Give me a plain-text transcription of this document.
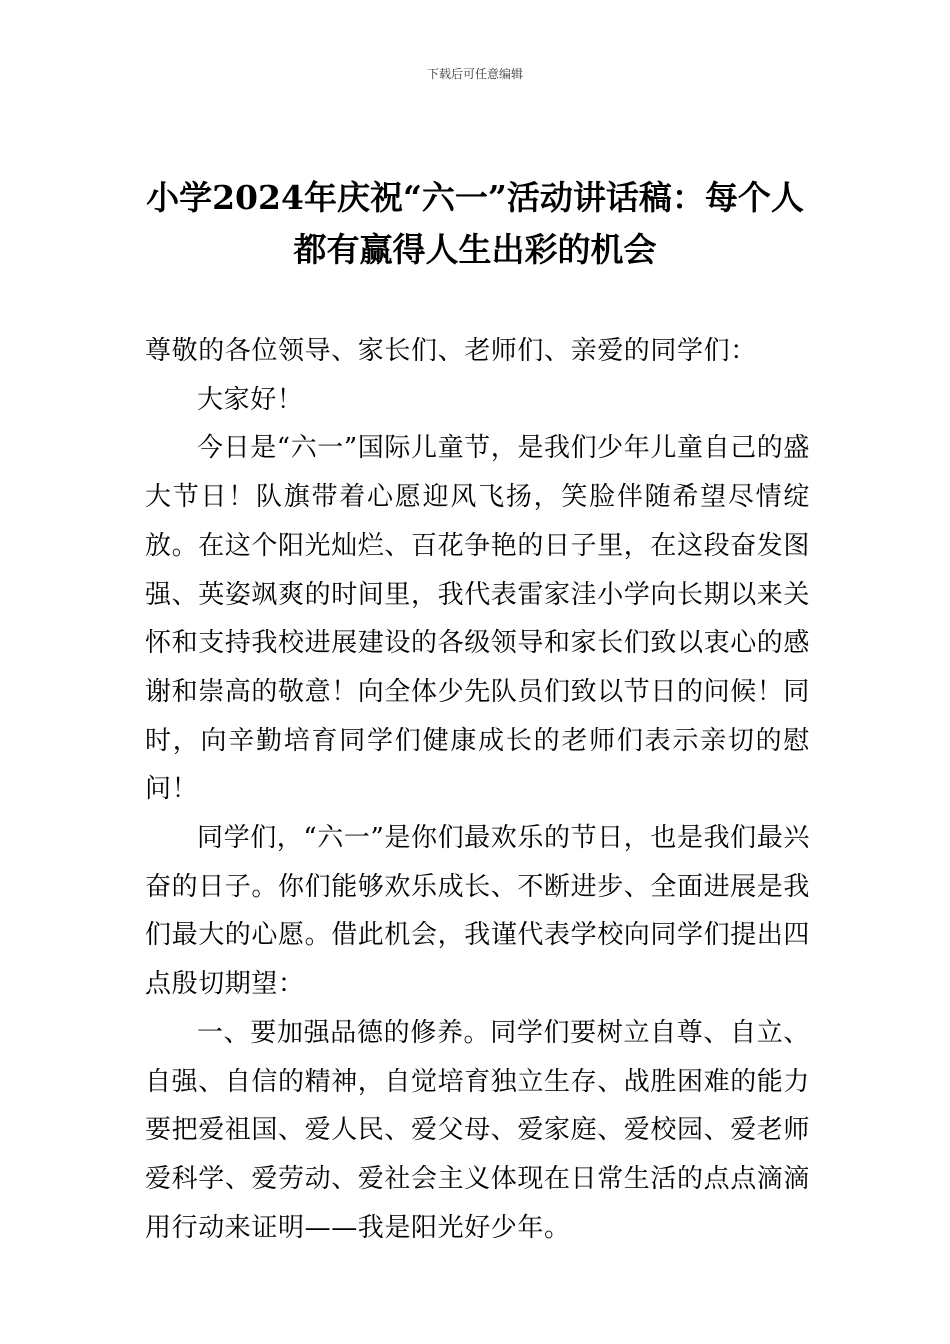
下载后可任意编辑
小学2024年庆祝“六一”活动讲话稿：每个人都有赢得人生出彩的机会

尊敬的各位领导、家长们、老师们、亲爱的同学们：

大家好！

今日是“六一”国际儿童节，是我们少年儿童自己的盛大节日！队旗带着心愿迎风飞扬，笑脸伴随希望尽情绽放。在这个阳光灿烂、百花争艳的日子里，在这段奋发图强、英姿飒爽的时间里，我代表雷家洼小学向长期以来关怀和支持我校进展建设的各级领导和家长们致以衷心的感谢和崇高的敬意！向全体少先队员们致以节日的问候！同时，向辛勤培育同学们健康成长的老师们表示亲切的慰问！

同学们，“六一”是你们最欢乐的节日，也是我们最兴奋的日子。你们能够欢乐成长、不断进步、全面进展是我们最大的心愿。借此机会，我谨代表学校向同学们提出四点殷切期望：

一、要加强品德的修养。同学们要树立自尊、自立、自强、自信的精神，自觉培育独立生存、战胜困难的能力要把爱祖国、爱人民、爱父母、爱家庭、爱校园、爱老师爱科学、爱劳动、爱社会主义体现在日常生活的点点滴滴用行动来证明——我是阳光好少年。
